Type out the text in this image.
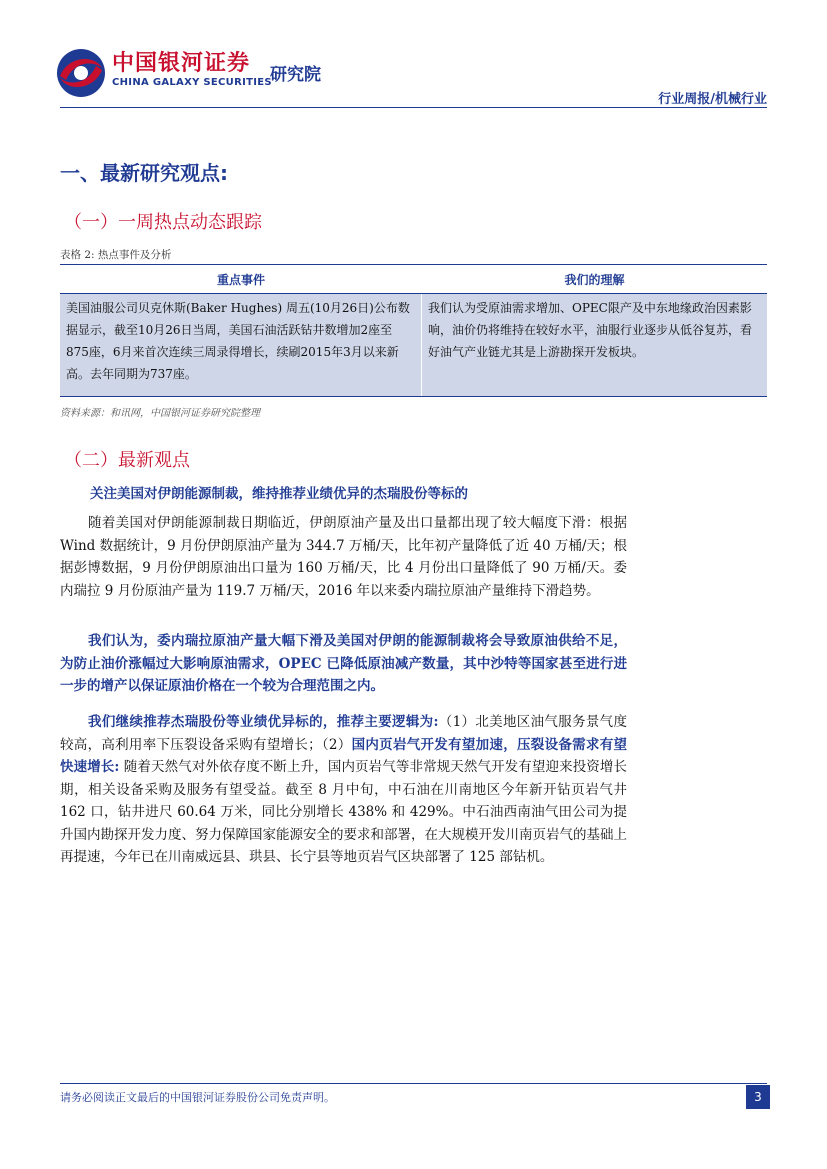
中国银河证券
CHINA GALAXY SECURITIES
研究院
行业周报/机械行业
一、最新研究观点:
（一）一周热点动态跟踪
表格 2: 热点事件及分析
重点事件	我们的理解
美国油服公司贝克休斯(Baker Hughes) 周五(10月26日)公布数据显示，截至10月26日当周，美国石油活跃钻井数增加2座至875座，6月来首次连续三周录得增长，续刷2015年3月以来新高。去年同期为737座。
我们认为受原油需求增加、OPEC限产及中东地缘政治因素影响，油价仍将维持在较好水平，油服行业逐步从低谷复苏，看好油气产业链尤其是上游勘探开发板块。
资料来源：和讯网，中国银河证券研究院整理
（二）最新观点
关注美国对伊朗能源制裁，维持推荐业绩优异的杰瑞股份等标的

随着美国对伊朗能源制裁日期临近，伊朗原油产量及出口量都出现了较大幅度下滑：根据 Wind 数据统计，9 月份伊朗原油产量为 344.7 万桶/天，比年初产量降低了近 40 万桶/天；根据彭博数据，9 月份伊朗原油出口量为 160 万桶/天，比 4 月份出口量降低了 90 万桶/天。委内瑞拉 9 月份原油产量为 119.7 万桶/天，2016 年以来委内瑞拉原油产量维持下滑趋势。

我们认为，委内瑞拉原油产量大幅下滑及美国对伊朗的能源制裁将会导致原油供给不足，为防止油价涨幅过大影响原油需求，OPEC 已降低原油减产数量，其中沙特等国家甚至进行进一步的增产以保证原油价格在一个较为合理范围之内。

我们继续推荐杰瑞股份等业绩优异标的，推荐主要逻辑为:（1）北美地区油气服务景气度较高，高利用率下压裂设备采购有望增长；（2）国内页岩气开发有望加速，压裂设备需求有望快速增长: 随着天然气对外依存度不断上升，国内页岩气等非常规天然气开发有望迎来投资增长期，相关设备采购及服务有望受益。截至 8 月中旬，中石油在川南地区今年新开钻页岩气井 162 口，钻井进尺 60.64 万米，同比分别增长 438% 和 429%。中石油西南油气田公司为提升国内勘探开发力度、努力保障国家能源安全的要求和部署，在大规模开发川南页岩气的基础上再提速，今年已在川南威远县、珙县、长宁县等地页岩气区块部署了 125 部钻机。

请务必阅读正文最后的中国银河证券股份公司免责声明。	3
